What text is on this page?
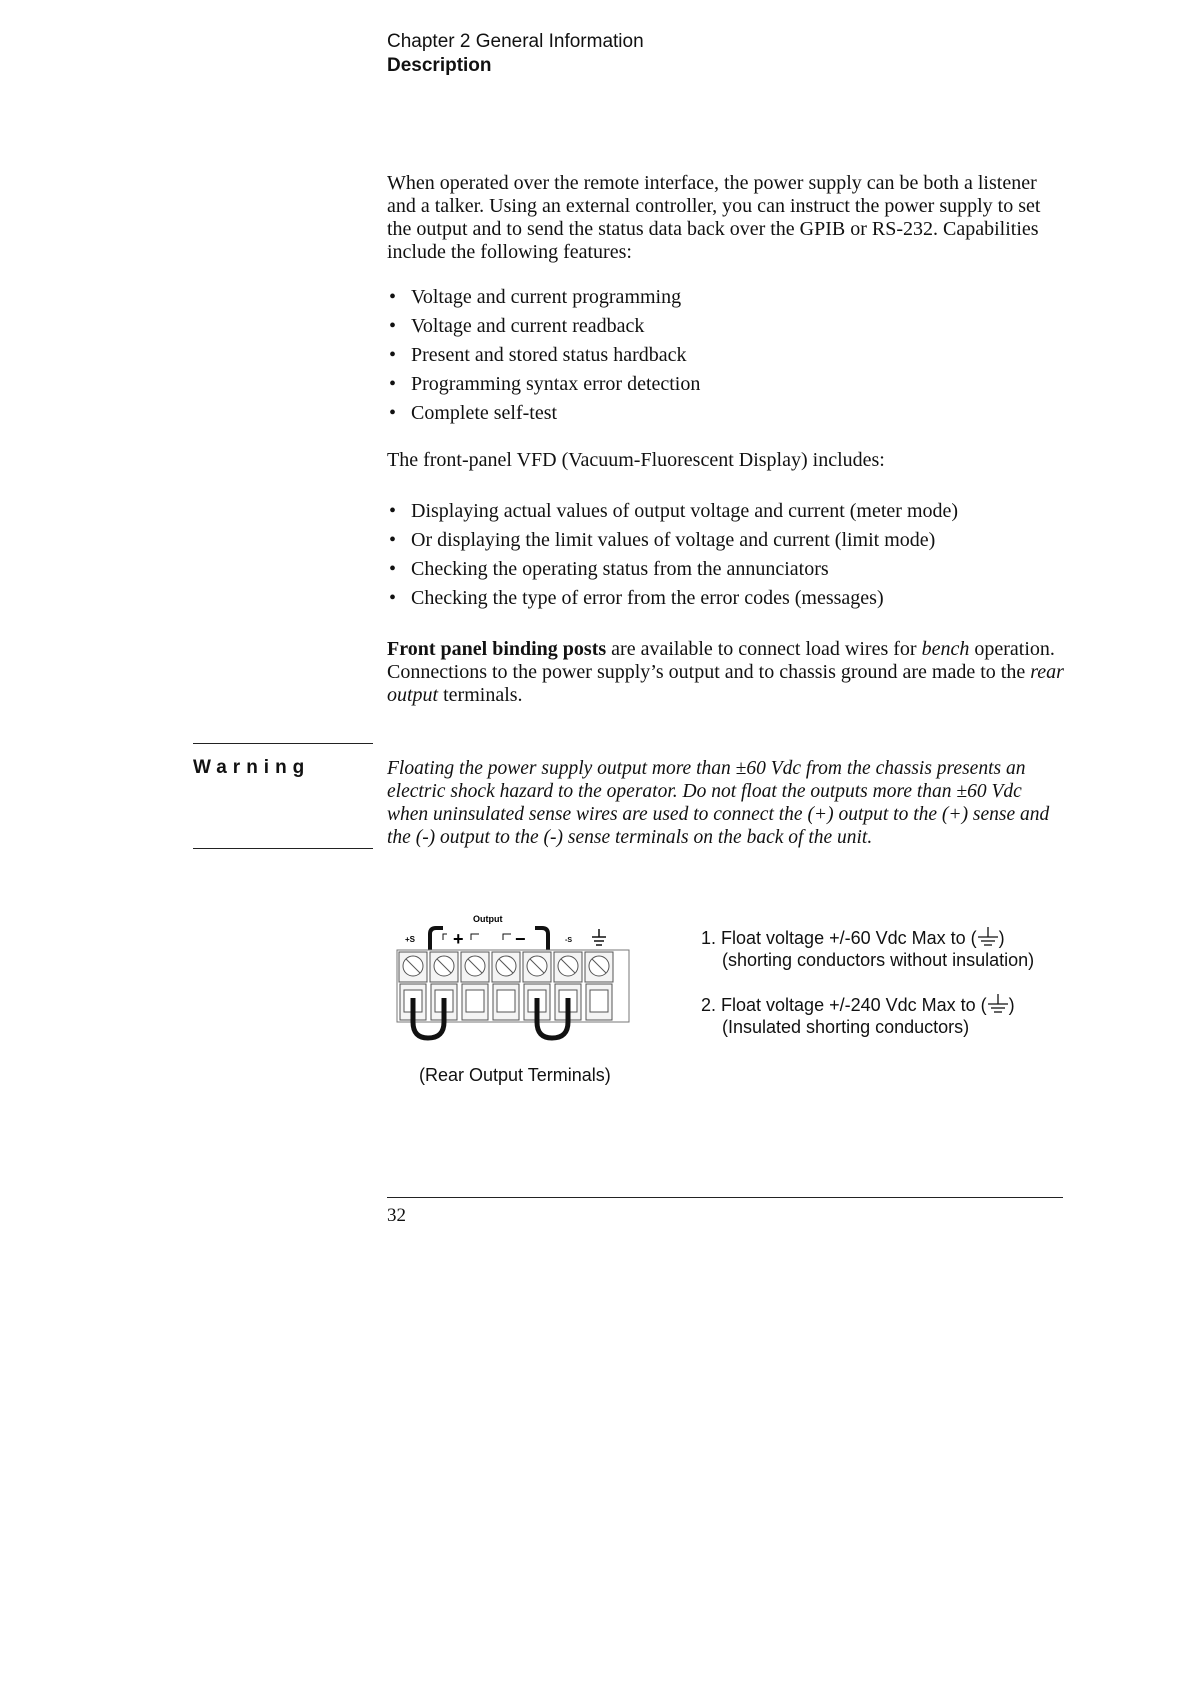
Chapter 2 General Information
Description

When operated over the remote interface, the power supply can be both a listener and a talker. Using an external controller, you can instruct the power supply to set the output and to send the status data back over the GPIB or RS-232. Capabilities include the following features:

• Voltage and current programming
• Voltage and current readback
• Present and stored status hardback
• Programming syntax error detection
• Complete self-test

The front-panel VFD (Vacuum-Fluorescent Display) includes:

• Displaying actual values of output voltage and current (meter mode)
• Or displaying the limit values of voltage and current (limit mode)
• Checking the operating status from the annunciators
• Checking the type of error from the error codes (messages)

Front panel binding posts are available to connect load wires for bench operation. Connections to the power supply’s output and to chassis ground are made to the rear output terminals.

Warning	Floating the power supply output more than ±60 Vdc from the chassis presents an electric shock hazard to the operator. Do not float the outputs more than ±60 Vdc when uninsulated sense wires are used to connect the (+) output to the (+) sense and the (-) output to the (-) sense terminals on the back of the unit.
Output
+S +	−	-S
(Rear Output Terminals)
1. Float voltage +/-60 Vdc Max to ( )
(shorting conductors without insulation)
2. Float voltage +/-240 Vdc Max to ( )
(Insulated shorting conductors)
32
